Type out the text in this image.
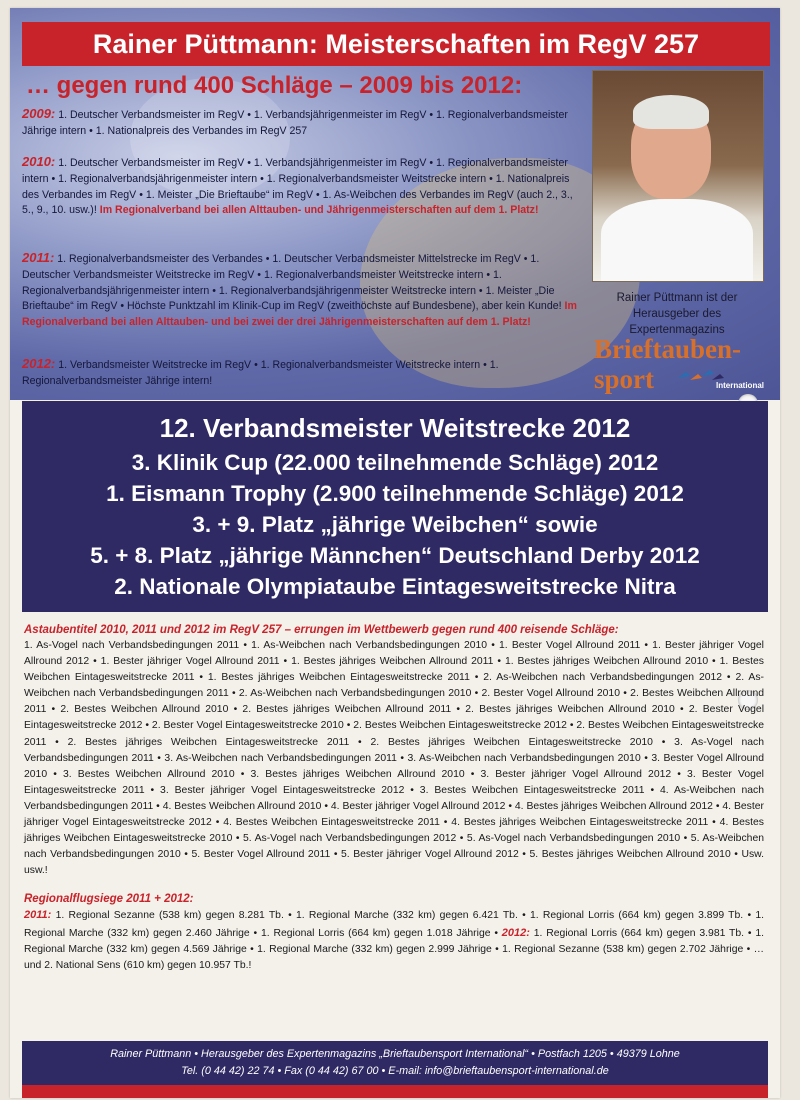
Rainer Püttmann: Meisterschaften im RegV 257
… gegen rund 400 Schläge – 2009 bis 2012:
2009: 1. Deutscher Verbandsmeister im RegV • 1. Verbandsjährigenmeister im RegV • 1. Regionalverbandsmeister Jährige intern • 1. Nationalpreis des Verbandes im RegV 257
2010: 1. Deutscher Verbandsmeister im RegV • 1. Verbandsjährigenmeister im RegV • 1. Regionalverbandsmeister intern • 1. Regionalverbandsjährigenmeister intern • 1. Regionalverbandsmeister Weitstrecke intern • 1. Nationalpreis des Verbandes im RegV • 1. Meister „Die Brieftaube“ im RegV • 1. As-Weibchen des Verbandes im RegV (auch 2., 3., 5., 9., 10. usw.)! Im Regionalverband bei allen Alttauben- und Jährigenmeisterschaften auf dem 1. Platz!
2011: 1. Regionalverbandsmeister des Verbandes • 1. Deutscher Verbandsmeister Mittelstrecke im RegV • 1. Deutscher Verbandsmeister Weitstrecke im RegV • 1. Regionalverbandsmeister Weitstrecke intern • 1. Regionalverbandsjährigenmeister intern • 1. Regionalverbandsjährigenmeister Weitstrecke intern • 1. Meister „Die Brieftaube“ im RegV • Höchste Punktzahl im Klinik-Cup im RegV (zweithöchste auf Bundesbene), aber kein Kunde! Im Regionalverband bei allen Alttauben- und bei zwei der drei Jährigenmeisterschaften auf dem 1. Platz!
2012: 1. Verbandsmeister Weitstrecke im RegV • 1. Regionalverbandsmeister Weitstrecke intern • 1. Regionalverbandsmeister Jährige intern!
Rainer Püttmann ist der Herausgeber des Expertenmagazins
Brieftauben-
sport	International
12. Verbandsmeister Weitstrecke 2012
3. Klinik Cup (22.000 teilnehmende Schläge) 2012
1. Eismann Trophy (2.900 teilnehmende Schläge) 2012
3. + 9. Platz „jährige Weibchen“ sowie
5. + 8. Platz „jährige Männchen“ Deutschland Derby 2012
2. Nationale Olympiataube Eintagesweitstrecke Nitra
Astaubentitel 2010, 2011 und 2012 im RegV 257 – errungen im Wettbewerb gegen rund 400 reisende Schläge:
1. As-Vogel nach Verbandsbedingungen 2011 • 1. As-Weibchen nach Verbandsbedingungen 2010 • 1. Bester Vogel Allround 2011 • 1. Bester jähriger Vogel Allround 2012 • 1. Bester jähriger Vogel Allround 2011 • 1. Bestes jähriges Weibchen Allround 2011 • 1. Bestes jähriges Weibchen Allround 2010 • 1. Bestes Weibchen Eintagesweitstrecke 2011 • 1. Bestes jähriges Weibchen Eintagesweitstrecke 2011 • 2. As-Weibchen nach Verbandsbedingungen 2012 • 2. As-Weibchen nach Verbandsbedingungen 2011 • 2. As-Weibchen nach Verbandsbedingungen 2010 • 2. Bester Vogel Allround 2010 • 2. Bestes Weibchen Allround 2011 • 2. Bestes Weibchen Allround 2010 • 2. Bestes jähriges Weibchen Allround 2011 • 2. Bestes jähriges Weibchen Allround 2010 • 2. Bester Vogel Eintagesweitstrecke 2012 • 2. Bester Vogel Eintagesweitstrecke 2010 • 2. Bestes Weibchen Eintagesweitstrecke 2012 • 2. Bestes Weibchen Eintagesweitstrecke 2011 • 2. Bestes jähriges Weibchen Eintagesweitstrecke 2011 • 2. Bestes jähriges Weibchen Eintagesweitstrecke 2010 • 3. As-Vogel nach Verbandsbedingungen 2011 • 3. As-Weibchen nach Verbandsbedingungen 2011 • 3. As-Weibchen nach Verbandsbedingungen 2010 • 3. Bester Vogel Allround 2010 • 3. Bestes Weibchen Allround 2010 • 3. Bestes jähriges Weibchen Allround 2010 • 3. Bester jähriger Vogel Allround 2012 • 3. Bester Vogel Eintagesweitstrecke 2011 • 3. Bester jähriger Vogel Eintagesweitstrecke 2012 • 3. Bestes Weibchen Eintagesweitstrecke 2011 • 4. As-Weibchen nach Verbandsbedingungen 2011 • 4. Bestes Weibchen Allround 2010 • 4. Bester jähriger Vogel Allround 2012 • 4. Bestes jähriges Weibchen Allround 2012 • 4. Bester jähriger Vogel Eintagesweitstrecke 2012 • 4. Bestes Weibchen Eintagesweitstrecke 2011 • 4. Bestes jähriges Weibchen Eintagesweitstrecke 2011 • 4. Bestes jähriges Weibchen Eintagesweitstrecke 2010 • 5. As-Vogel nach Verbandsbedingungen 2012 • 5. As-Vogel nach Verbandsbedingungen 2010 • 5. As-Weibchen nach Verbandsbedingungen 2010 • 5. Bester Vogel Allround 2011 • 5. Bester jähriger Vogel Allround 2012 • 5. Bestes jähriges Weibchen Allround 2010 • Usw. usw.!
Regionalflugsiege 2011 + 2012:
2011: 1. Regional Sezanne (538 km) gegen 8.281 Tb. • 1. Regional Marche (332 km) gegen 6.421 Tb. • 1. Regional Lorris (664 km) gegen 3.899 Tb. • 1. Regional Marche (332 km) gegen 2.460 Jährige • 1. Regional Lorris (664 km) gegen 1.018 Jährige • 2012: 1. Regional Lorris (664 km) gegen 3.981 Tb. • 1. Regional Marche (332 km) gegen 4.569 Jährige • 1. Regional Marche (332 km) gegen 2.999 Jährige • 1. Regional Sezanne (538 km) gegen 2.702 Jährige • …und 2. National Sens (610 km) gegen 10.957 Tb.!
Rainer Püttmann • Herausgeber des Expertenmagazins „Brieftaubensport International“ • Postfach 1205 • 49379 Lohne
Tel. (0 44 42) 22 74 • Fax (0 44 42) 67 00 • E-mail: info@brieftaubensport-international.de
